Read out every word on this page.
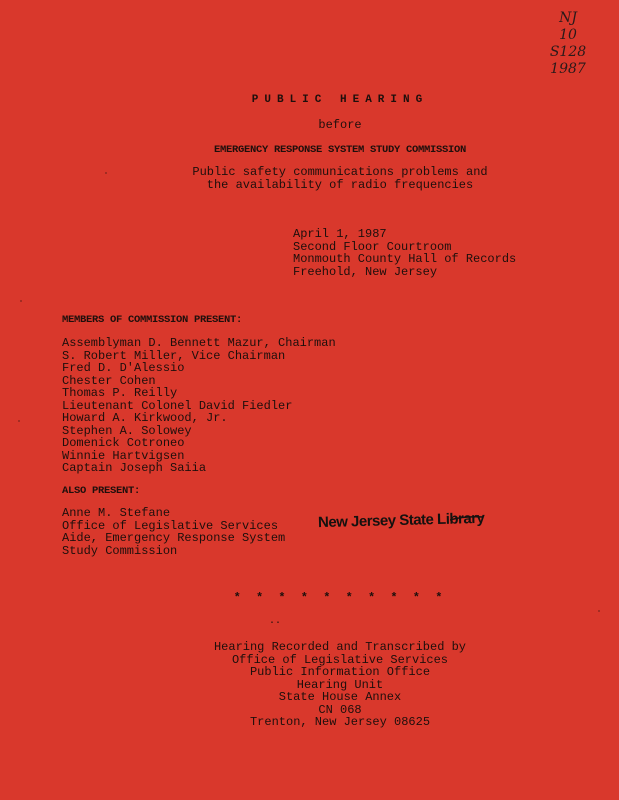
NJ
10
S128
1987
PUBLIC HEARING
before
EMERGENCY RESPONSE SYSTEM STUDY COMMISSION
Public safety communications problems and
the availability of radio frequencies
April 1, 1987
Second Floor Courtroom
Monmouth County Hall of Records
Freehold, New Jersey
MEMBERS OF COMMISSION PRESENT:
Assemblyman D. Bennett Mazur, Chairman
S. Robert Miller, Vice Chairman
Fred D. D'Alessio
Chester Cohen
Thomas P. Reilly
Lieutenant Colonel David Fiedler
Howard A. Kirkwood, Jr.
Stephen A. Solowey
Domenick Cotroneo
Winnie Hartvigsen
Captain Joseph Saiia
ALSO PRESENT:
Anne M. Stefane
Office of Legislative Services
Aide, Emergency Response System
Study Commission
New Jersey State Library
* * * * * * * * * *
..
Hearing Recorded and Transcribed by
Office of Legislative Services
Public Information Office
Hearing Unit
State House Annex
CN 068
Trenton, New Jersey 08625
